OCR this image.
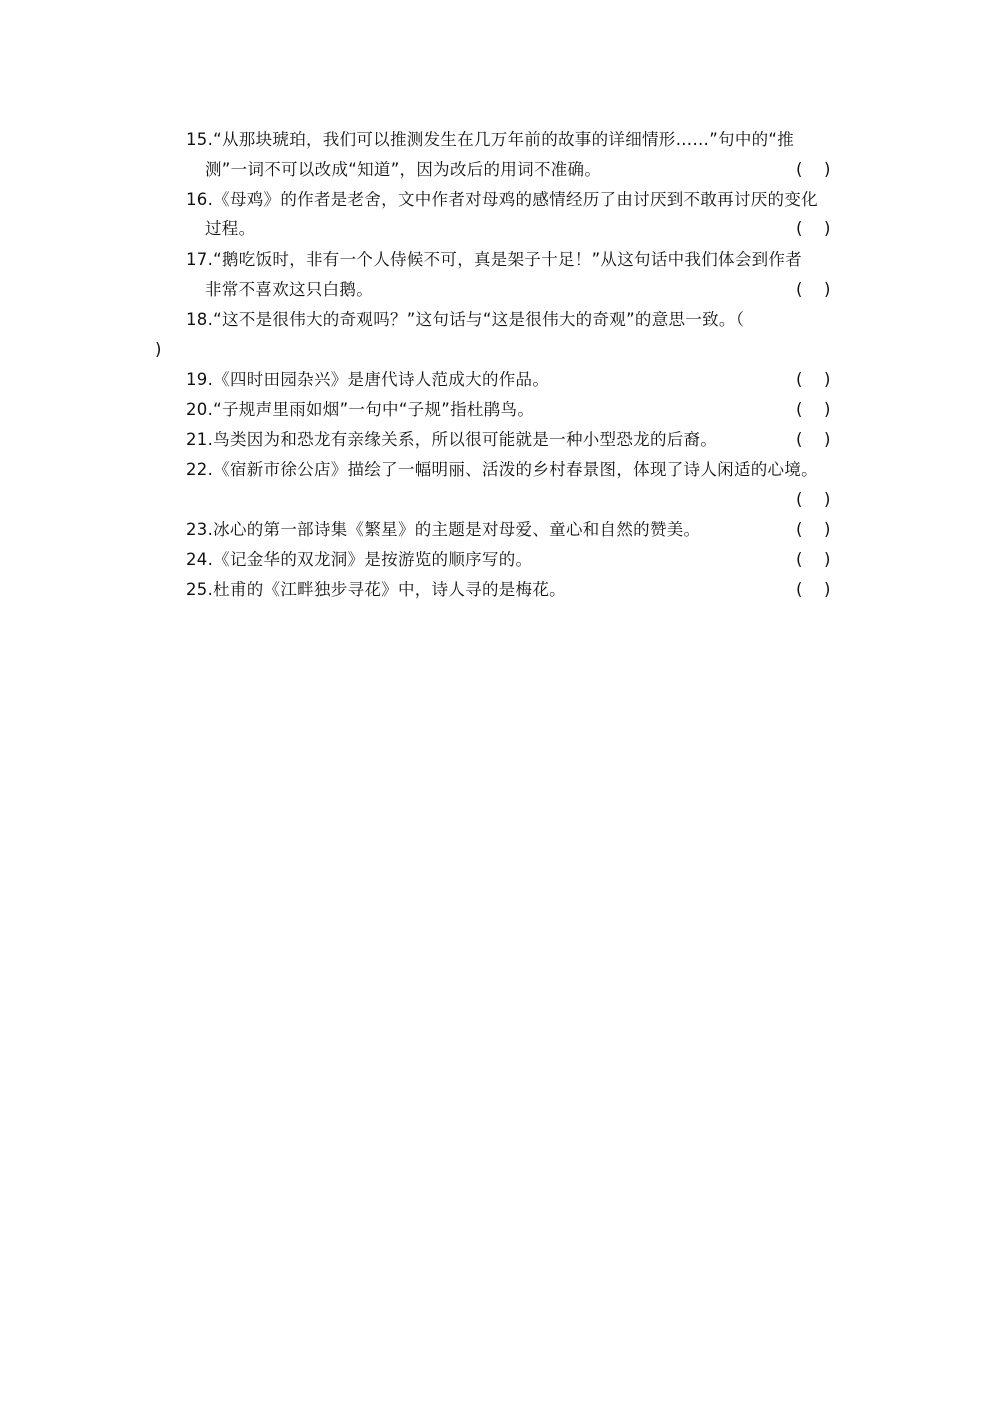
15.“从那块琥珀，我们可以推测发生在几万年前的故事的详细情形……”句中的“推
测”一词不可以改成“知道”，因为改后的用词不准确。	( )
16.《母鸡》的作者是老舍，文中作者对母鸡的感情经历了由讨厌到不敢再讨厌的变化
过程。	( )
17.“鹅吃饭时，非有一个人侍候不可，真是架子十足！”从这句话中我们体会到作者
非常不喜欢这只白鹅。	( )
18.“这不是很伟大的奇观吗？”这句话与“这是很伟大的奇观”的意思一致。（
)
19.《四时田园杂兴》是唐代诗人范成大的作品。	( )
20.“子规声里雨如烟”一句中“子规”指杜鹃鸟。	( )
21.鸟类因为和恐龙有亲缘关系，所以很可能就是一种小型恐龙的后裔。	( )
22.《宿新市徐公店》描绘了一幅明丽、活泼的乡村春景图，体现了诗人闲适的心境。
( )
23.冰心的第一部诗集《繁星》的主题是对母爱、童心和自然的赞美。	( )
24.《记金华的双龙洞》是按游览的顺序写的。	( )
25.杜甫的《江畔独步寻花》中，诗人寻的是梅花。	( )
